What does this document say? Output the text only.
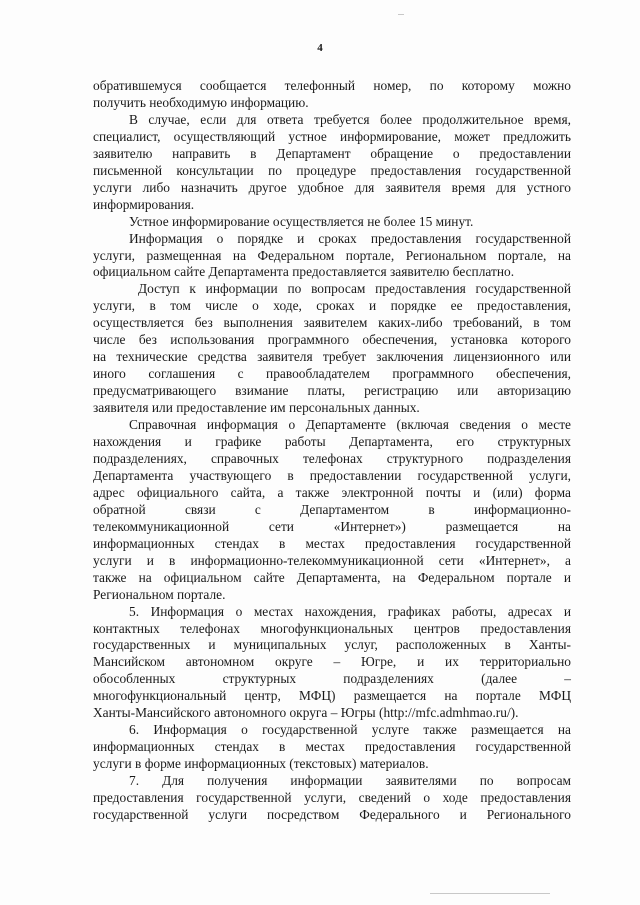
4
обратившемуся сообщается телефонный номер, по которому можно
получить необходимую информацию.
В случае, если для ответа требуется более продолжительное время,
специалист, осуществляющий устное информирование, может предложить
заявителю направить в Департамент обращение о предоставлении
письменной консультации по процедуре предоставления государственной
услуги либо назначить другое удобное для заявителя время для устного
информирования.
Устное информирование осуществляется не более 15 минут.
Информация о порядке и сроках предоставления государственной
услуги, размещенная на Федеральном портале, Региональном портале, на
официальном сайте Департамента предоставляется заявителю бесплатно.
Доступ к информации по вопросам предоставления государственной
услуги, в том числе о ходе, сроках и порядке ее предоставления,
осуществляется без выполнения заявителем каких-либо требований, в том
числе без использования программного обеспечения, установка которого
на технические средства заявителя требует заключения лицензионного или
иного соглашения с правообладателем программного обеспечения,
предусматривающего взимание платы, регистрацию или авторизацию
заявителя или предоставление им персональных данных.
Справочная информация о Департаменте (включая сведения о месте
нахождения и графике работы Департамента, его структурных
подразделениях, справочных телефонах структурного подразделения
Департамента участвующего в предоставлении государственной услуги,
адрес официального сайта, а также электронной почты и (или) форма
обратной связи с Департаментом в информационно-
телекоммуникационной сети «Интернет») размещается на
информационных стендах в местах предоставления государственной
услуги и в информационно-телекоммуникационной сети «Интернет», а
также на официальном сайте Департамента, на Федеральном портале и
Региональном портале.
5. Информация о местах нахождения, графиках работы, адресах и
контактных телефонах многофункциональных центров предоставления
государственных и муниципальных услуг, расположенных в Ханты-
Мансийском автономном округе – Югре, и их территориально
обособленных структурных подразделениях (далее –
многофункциональный центр, МФЦ) размещается на портале МФЦ
Ханты-Мансийского автономного округа – Югры (http://mfc.admhmao.ru/).
6. Информация о государственной услуге также размещается на
информационных стендах в местах предоставления государственной
услуги в форме информационных (текстовых) материалов.
7. Для получения информации заявителями по вопросам
предоставления государственной услуги, сведений о ходе предоставления
государственной услуги посредством Федерального и Регионального
